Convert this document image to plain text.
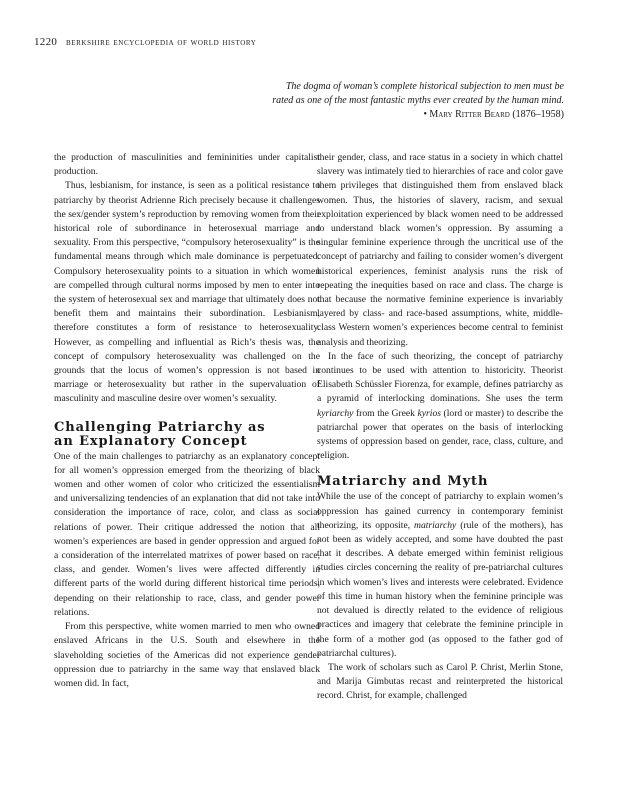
1220 berkshire encyclopedia of world history
The dogma of woman’s complete historical subjection to men must be rated as one of the most fantastic myths ever created by the human mind. • Mary Ritter Beard (1876–1958)

the production of masculinities and femininities under capitalist production.

Thus, lesbianism, for instance, is seen as a political resistance to patriarchy by theorist Adrienne Rich precisely because it challenges the sex/gender system’s reproduction by removing women from their historical role of subordinance in heterosexual marriage and sexuality. From this perspective, “compulsory heterosexuality” is the fundamental means through which male dominance is perpetuated. Compulsory heterosexuality points to a situation in which women are compelled through cultural norms imposed by men to enter into the system of heterosexual sex and marriage that ultimately does not benefit them and maintains their subordination. Lesbianism, therefore constitutes a form of resistance to heterosexuality. However, as compelling and influential as Rich’s thesis was, the concept of compulsory heterosexuality was challenged on the grounds that the locus of women’s oppression is not based in marriage or heterosexuality but rather in the supervaluation of masculinity and masculine desire over women’s sexuality.

Challenging Patriarchy as
an Explanatory Concept

One of the main challenges to patriarchy as an explanatory concept for all women’s oppression emerged from the theorizing of black women and other women of color who criticized the essentialism and universalizing tendencies of an explanation that did not take into consideration the importance of race, color, and class as social relations of power. Their critique addressed the notion that all women’s experiences are based in gender oppression and argued for a consideration of the interrelated matrixes of power based on race, class, and gender. Women’s lives were affected differently in different parts of the world during different historical time periods, depending on their relationship to race, class, and gender power relations.

From this perspective, white women married to men who owned enslaved Africans in the U.S. South and elsewhere in the slaveholding societies of the Americas did not experience gender oppression due to patriarchy in the same way that enslaved black women did. In fact,

their gender, class, and race status in a society in which chattel slavery was intimately tied to hierarchies of race and color gave them privileges that distinguished them from enslaved black women. Thus, the histories of slavery, racism, and sexual exploitation experienced by black women need to be addressed to understand black women’s oppression. By assuming a singular feminine experience through the uncritical use of the concept of patriarchy and failing to consider women’s divergent historical experiences, feminist analysis runs the risk of repeating the inequities based on race and class. The charge is that because the normative feminine experience is invariably layered by class- and race-based assumptions, white, middle-class Western women’s experiences become central to feminist analysis and theorizing.

In the face of such theorizing, the concept of patriarchy continues to be used with attention to historicity. Theorist Elisabeth Schüssler Fiorenza, for example, defines patriarchy as a pyramid of interlocking dominations. She uses the term kyriarchy from the Greek kyrios (lord or master) to describe the patriarchal power that operates on the basis of interlocking systems of oppression based on gender, race, class, culture, and religion.

Matriarchy and Myth

While the use of the concept of patriarchy to explain women’s oppression has gained currency in contemporary feminist theorizing, its opposite, matriarchy (rule of the mothers), has not been as widely accepted, and some have doubted the past that it describes. A debate emerged within feminist religious studies circles concerning the reality of pre-patriarchal cultures in which women’s lives and interests were celebrated. Evidence of this time in human history when the feminine principle was not devalued is directly related to the evidence of religious practices and imagery that celebrate the feminine principle in the form of a mother god (as opposed to the father god of patriarchal cultures).

The work of scholars such as Carol P. Christ, Merlin Stone, and Marija Gimbutas recast and reinterpreted the historical record. Christ, for example, challenged
